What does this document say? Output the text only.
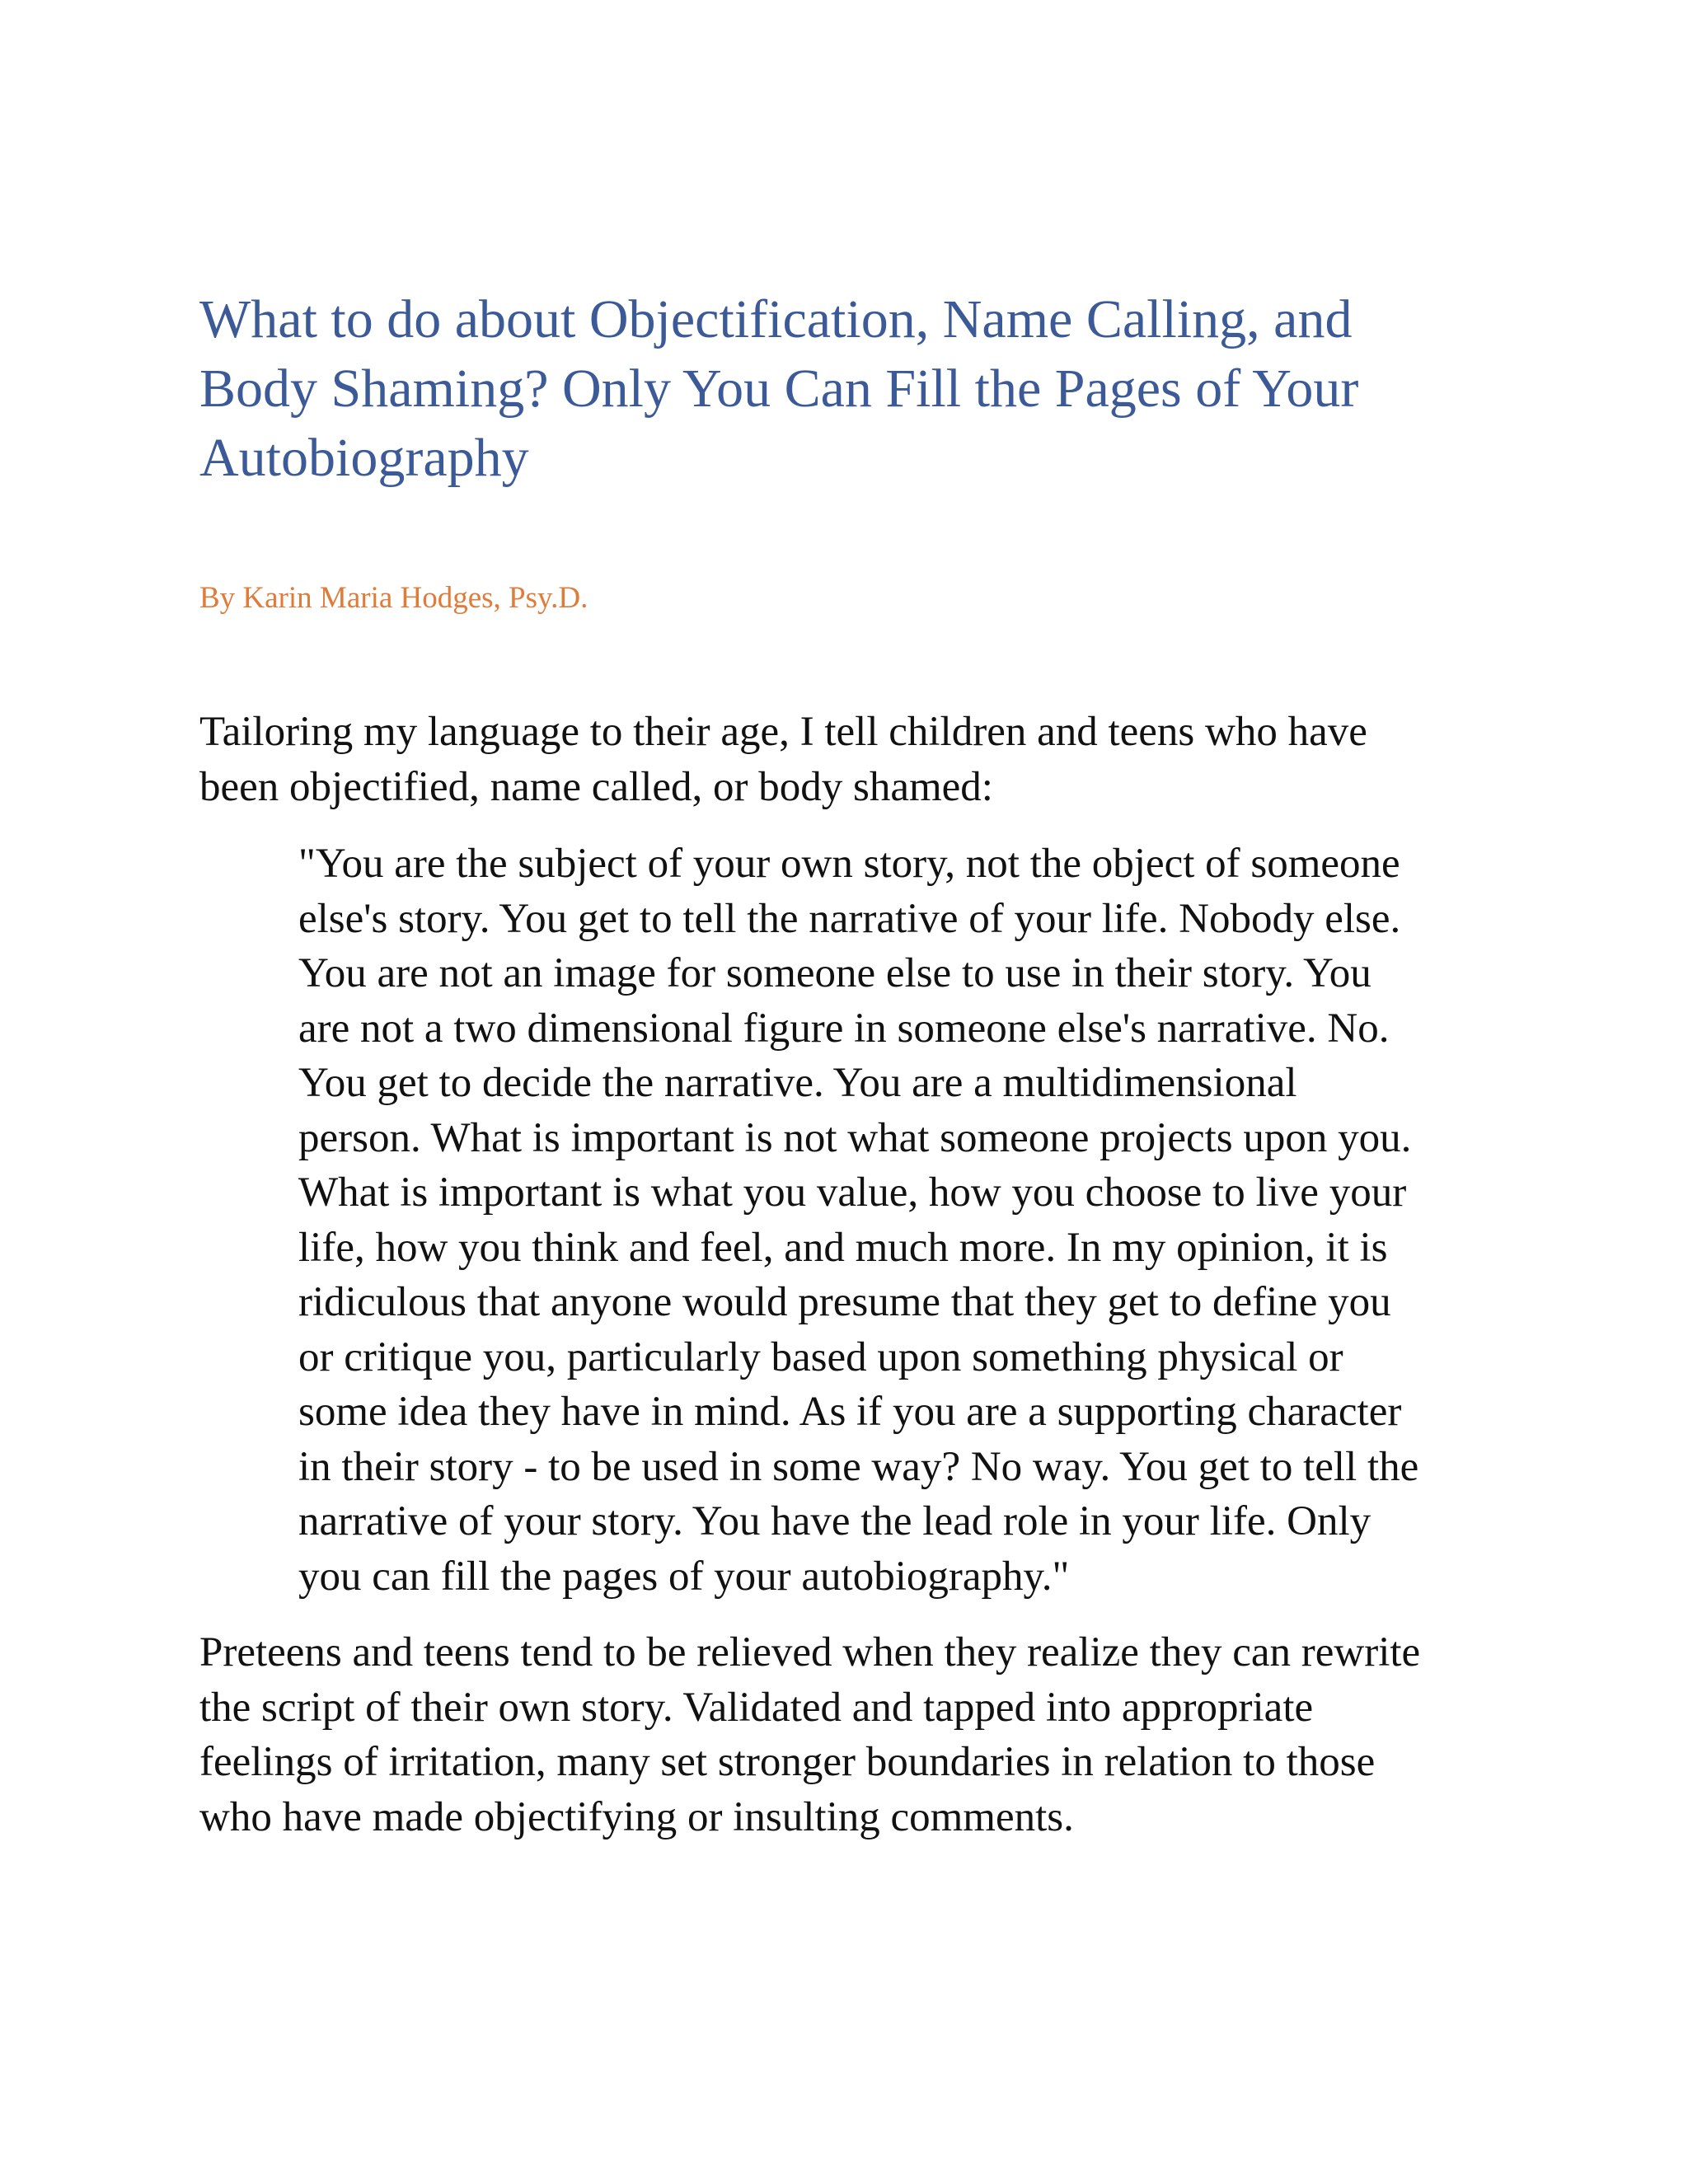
What to do about Objectification, Name Calling, and
Body Shaming? Only You Can Fill the Pages of Your
Autobiography

By Karin Maria Hodges, Psy.D.

Tailoring my language to their age, I tell children and teens who have
been objectified, name called, or body shamed:

"You are the subject of your own story, not the object of someone
else's story. You get to tell the narrative of your life. Nobody else.
You are not an image for someone else to use in their story. You
are not a two dimensional figure in someone else's narrative. No.
You get to decide the narrative. You are a multidimensional
person. What is important is not what someone projects upon you.
What is important is what you value, how you choose to live your
life, how you think and feel, and much more. In my opinion, it is
ridiculous that anyone would presume that they get to define you
or critique you, particularly based upon something physical or
some idea they have in mind. As if you are a supporting character
in their story - to be used in some way? No way. You get to tell the
narrative of your story. You have the lead role in your life. Only
you can fill the pages of your autobiography."

Preteens and teens tend to be relieved when they realize they can rewrite
the script of their own story. Validated and tapped into appropriate
feelings of irritation, many set stronger boundaries in relation to those
who have made objectifying or insulting comments.
